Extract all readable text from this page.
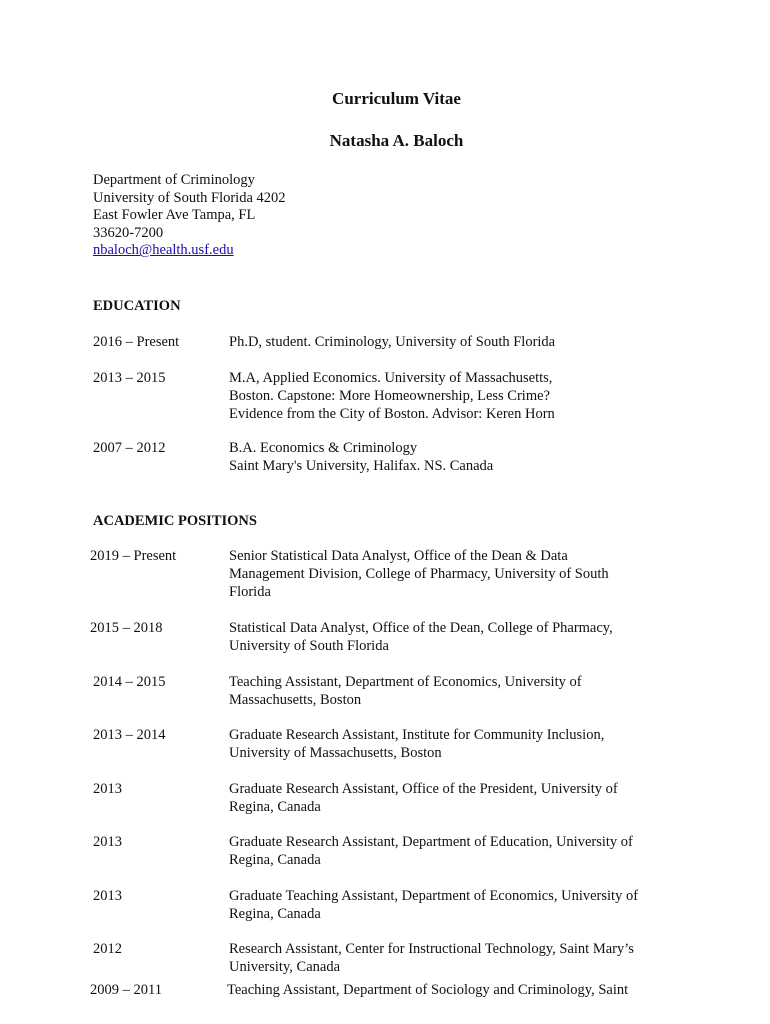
Curriculum Vitae
Natasha A. Baloch
Department of Criminology
University of South Florida 4202
East Fowler Ave Tampa, FL
33620-7200
nbaloch@health.usf.edu
EDUCATION
2016 – Present	Ph.D, student. Criminology, University of South Florida
2013 – 2015	M.A, Applied Economics. University of Massachusetts,
Boston. Capstone: More Homeownership, Less Crime?
Evidence from the City of Boston. Advisor: Keren Horn
2007 – 2012	B.A. Economics & Criminology
Saint Mary's University, Halifax. NS. Canada
ACADEMIC POSITIONS
2019 – Present	Senior Statistical Data Analyst, Office of the Dean & Data
Management Division, College of Pharmacy, University of South
Florida
2015 – 2018	Statistical Data Analyst, Office of the Dean, College of Pharmacy,
University of South Florida
2014 – 2015	Teaching Assistant, Department of Economics, University of
Massachusetts, Boston
2013 – 2014	Graduate Research Assistant, Institute for Community Inclusion,
University of Massachusetts, Boston
2013	Graduate Research Assistant, Office of the President, University of
Regina, Canada
2013	Graduate Research Assistant, Department of Education, University of
Regina, Canada
2013	Graduate Teaching Assistant, Department of Economics, University of
Regina, Canada
2012	Research Assistant, Center for Instructional Technology, Saint Mary’s
University, Canada
2009 – 2011	Teaching Assistant, Department of Sociology and Criminology, Saint
